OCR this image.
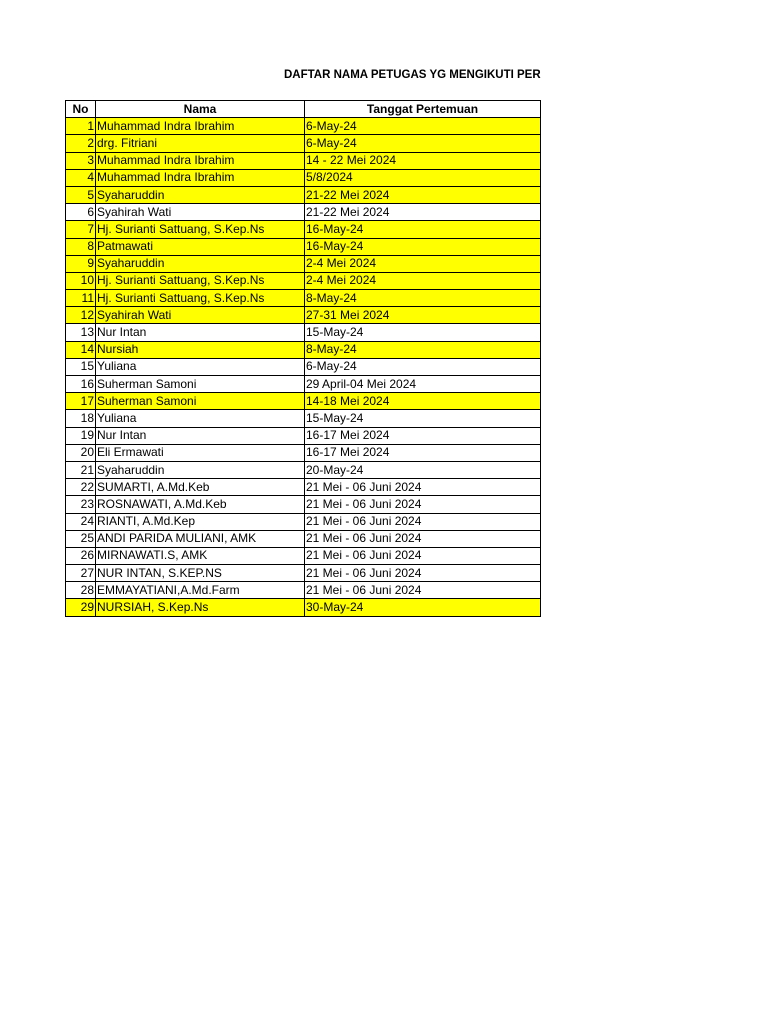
DAFTAR NAMA PETUGAS YG MENGIKUTI PER
No	Nama	Tanggat Pertemuan
1	Muhammad Indra Ibrahim	6-May-24
2	drg. Fitriani	6-May-24
3	Muhammad Indra Ibrahim	14 - 22 Mei 2024
4	Muhammad Indra Ibrahim	5/8/2024
5	Syaharuddin	21-22 Mei 2024
6	Syahirah Wati	21-22 Mei 2024
7	Hj. Surianti Sattuang, S.Kep.Ns	16-May-24
8	Patmawati	16-May-24
9	Syaharuddin	2-4 Mei 2024
10	Hj. Surianti Sattuang, S.Kep.Ns	2-4 Mei 2024
11	Hj. Surianti Sattuang, S.Kep.Ns	8-May-24
12	Syahirah Wati	27-31 Mei 2024
13	Nur Intan	15-May-24
14	Nursiah	8-May-24
15	Yuliana	6-May-24
16	Suherman Samoni	29 April-04 Mei 2024
17	Suherman Samoni	14-18 Mei 2024
18	Yuliana	15-May-24
19	Nur Intan	16-17 Mei 2024
20	Eli Ermawati	16-17 Mei 2024
21	Syaharuddin	20-May-24
22	SUMARTI, A.Md.Keb	21 Mei - 06 Juni 2024
23	ROSNAWATI, A.Md.Keb	21 Mei - 06 Juni 2024
24	RIANTI, A.Md.Kep	21 Mei - 06 Juni 2024
25	ANDI PARIDA MULIANI, AMK	21 Mei - 06 Juni 2024
26	MIRNAWATI.S, AMK	21 Mei - 06 Juni 2024
27	NUR INTAN, S.KEP.NS	21 Mei - 06 Juni 2024
28	EMMAYATIANI,A.Md.Farm	21 Mei - 06 Juni 2024
29	NURSIAH, S.Kep.Ns	30-May-24
